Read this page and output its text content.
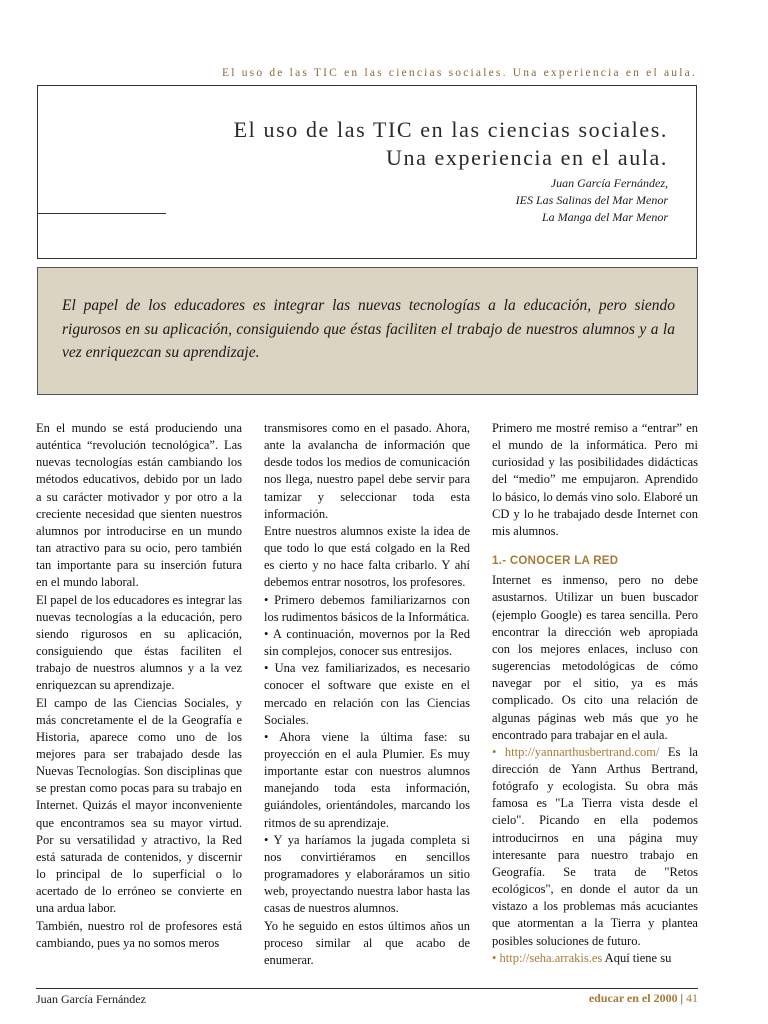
El uso de las TIC en las ciencias sociales. Una experiencia en el aula.
El uso de las TIC en las ciencias sociales.
Una experiencia en el aula.
Juan García Fernández,
IES Las Salinas del Mar Menor
La Manga del Mar Menor

El papel de los educadores es integrar las nuevas tecnologías a la educación, pero siendo rigurosos en su aplicación, consiguiendo que éstas faciliten el trabajo de nuestros alumnos y a la vez enriquezcan su aprendizaje.

En el mundo se está produciendo una auténtica “revolución tecnológica”. Las nuevas tecnologías están cambiando los métodos educativos, debido por un lado a su carácter motivador y por otro a la creciente necesidad que sienten nuestros alumnos por introducirse en un mundo tan atractivo para su ocio, pero también tan importante para su inserción futura en el mundo laboral.

El papel de los educadores es integrar las nuevas tecnologías a la educación, pero siendo rigurosos en su aplicación, consiguiendo que éstas faciliten el trabajo de nuestros alumnos y a la vez enriquezcan su aprendizaje.

El campo de las Ciencias Sociales, y más concretamente el de la Geografía e Historia, aparece como uno de los mejores para ser trabajado desde las Nuevas Tecnologías. Son disciplinas que se prestan como pocas para su trabajo en Internet. Quizás el mayor inconveniente que encontramos sea su mayor virtud. Por su versatilidad y atractivo, la Red está saturada de contenidos, y discernir lo principal de lo superficial o lo acertado de lo erróneo se convierte en una ardua labor.

También, nuestro rol de profesores está cambiando, pues ya no somos meros

transmisores como en el pasado. Ahora, ante la avalancha de información que desde todos los medios de comunicación nos llega, nuestro papel debe servir para tamizar y seleccionar toda esta información.

Entre nuestros alumnos existe la idea de que todo lo que está colgado en la Red es cierto y no hace falta cribarlo. Y ahí debemos entrar nosotros, los profesores.

• Primero debemos familiarizarnos con los rudimentos básicos de la Informática.

• A continuación, movernos por la Red sin complejos, conocer sus entresijos.

• Una vez familiarizados, es necesario conocer el software que existe en el mercado en relación con las Ciencias Sociales.

• Ahora viene la última fase: su proyección en el aula Plumier. Es muy importante estar con nuestros alumnos manejando toda esta información, guiándoles, orientándoles, marcando los ritmos de su aprendizaje.

• Y ya haríamos la jugada completa si nos convirtiéramos en sencillos programadores y elaboráramos un sitio web, proyectando nuestra labor hasta las casas de nuestros alumnos.

Yo he seguido en estos últimos años un proceso similar al que acabo de enumerar.

Primero me mostré remiso a “entrar” en el mundo de la informática. Pero mi curiosidad y las posibilidades didácticas del “medio” me empujaron. Aprendido lo básico, lo demás vino solo. Elaboré un CD y lo he trabajado desde Internet con mis alumnos.

1.- CONOCER LA RED

Internet es inmenso, pero no debe asustarnos. Utilizar un buen buscador (ejemplo Google) es tarea sencilla. Pero encontrar la dirección web apropiada con los mejores enlaces, incluso con sugerencias metodológicas de cómo navegar por el sitio, ya es más complicado. Os cito una relación de algunas páginas web más que yo he encontrado para trabajar en el aula.

• http://yannarthusbertrand.com/ Es la dirección de Yann Arthus Bertrand, fotógrafo y ecologista. Su obra más famosa es "La Tierra vista desde el cielo". Picando en ella podemos introducirnos en una página muy interesante para nuestro trabajo en Geografía. Se trata de "Retos ecológicos", en donde el autor da un vistazo a los problemas más acuciantes que atormentan a la Tierra y plantea posibles soluciones de futuro.

• http://seha.arrakis.es Aquí tiene su

Juan García Fernández	educar en el 2000 | 41
